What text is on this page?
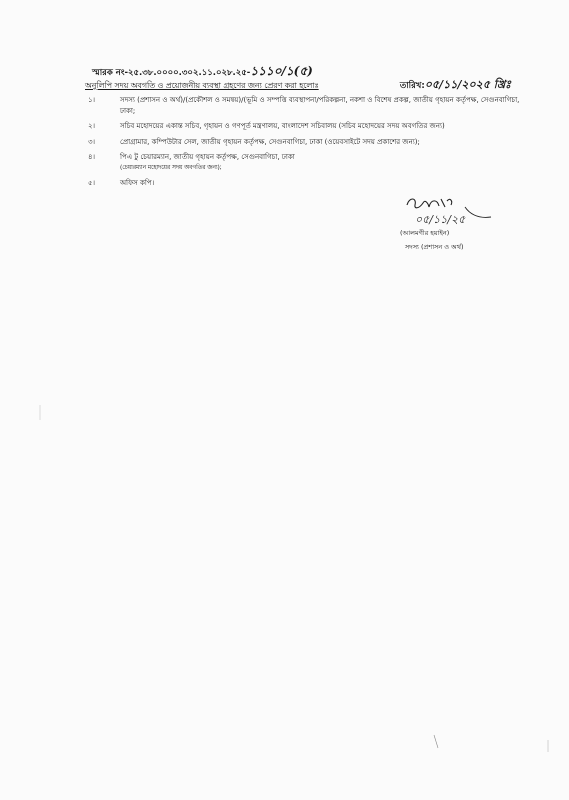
স্মারক নং-২৫.৩৮.০০০০.৩০২.১১.০২৮.২৫-১১১০/১(৫)
তারিখ:০৫/১১/২০২৫ খ্রিঃ
অনুলিপি সদয় অবগতি ও প্রয়োজনীয় ব্যবস্থা গ্রহণের জন্য প্রেরণ করা হলোঃ
১।	সদস্য (প্রশাসন ও অর্থ)/(প্রকৌশল ও সমন্বয়)/(ভূমি ও সম্পত্তি ব্যবস্থাপনা/পরিকল্পনা, নকশা ও বিশেষ প্রকল্প, জাতীয় গৃহায়ন কর্তৃপক্ষ, সেগুনবাগিচা, ঢাকা;
২।	সচিব মহোদয়ের একান্ত সচিব, গৃহায়ন ও গণপূর্ত মন্ত্রণালয়, বাংলাদেশ সচিবালয় (সচিব মহোদয়ের সদয় অবগতির জন্য)
৩।	প্রোগ্রামার, কম্পিউটার সেল, জাতীয় গৃহায়ন কর্তৃপক্ষ, সেগুনবাগিচা, ঢাকা (ওয়েবসাইটে সদয় প্রকাশের জন্য);
৪।	পিএ টু চেয়ারম্যান, জাতীয় গৃহায়ন কর্তৃপক্ষ, সেগুনবাগিচা, ঢাকা
(চেয়ারম্যান মহোদয়ের সদয় অবগতির জন্য);
৫।	অফিস কপি।
০৫/১১/২৫
(আলমগীর হয়াইন)
সদস্য (প্রশাসন ও অর্থ)
